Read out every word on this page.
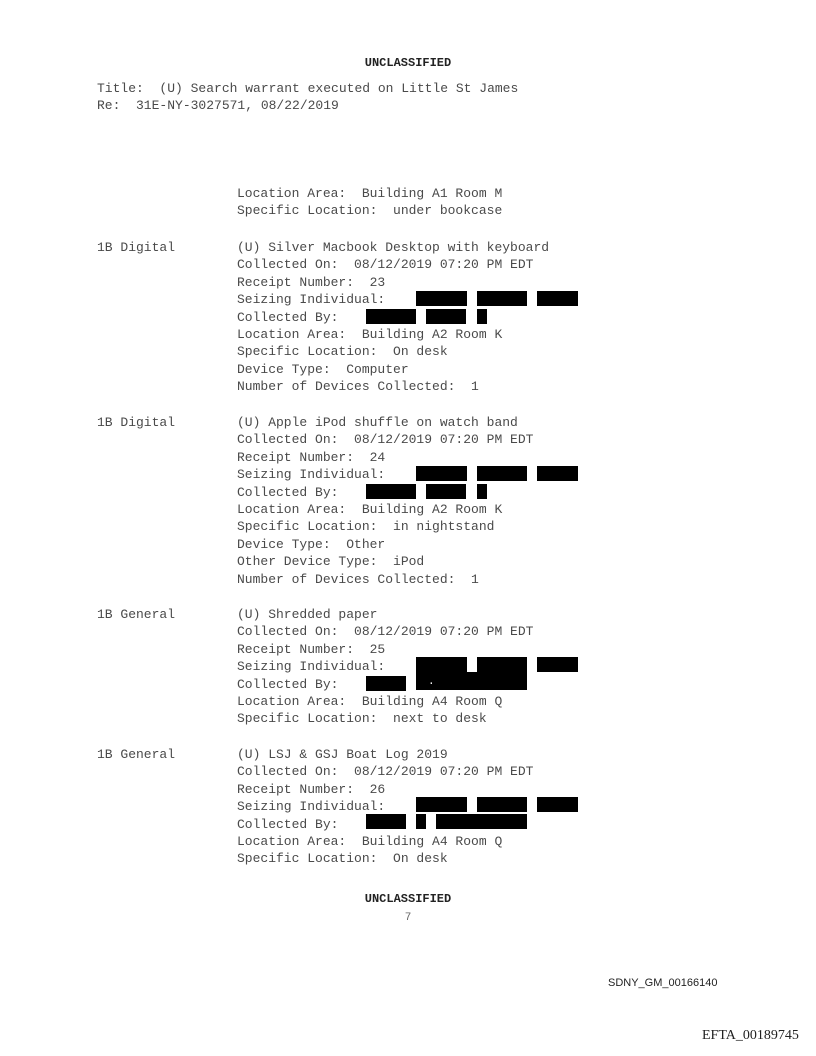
UNCLASSIFIED
Title:  (U) Search warrant executed on Little St James
Re:  31E-NY-3027571, 08/22/2019
Location Area:  Building A1 Room M
Specific Location:  under bookcase
1B Digital	(U) Silver Macbook Desktop with keyboard
Collected On:  08/12/2019 07:20 PM EDT
Receipt Number:  23
Seizing Individual:
Collected By:
Location Area:  Building A2 Room K
Specific Location:  On desk
Device Type:  Computer
Number of Devices Collected:  1
1B Digital	(U) Apple iPod shuffle on watch band
Collected On:  08/12/2019 07:20 PM EDT
Receipt Number:  24
Seizing Individual:
Collected By:
Location Area:  Building A2 Room K
Specific Location:  in nightstand
Device Type:  Other
Other Device Type:  iPod
Number of Devices Collected:  1
1B General	(U) Shredded paper
Collected On:  08/12/2019 07:20 PM EDT
Receipt Number:  25
Seizing Individual:
Collected By:
Location Area:  Building A4 Room Q
Specific Location:  next to desk
.
1B General	(U) LSJ & GSJ Boat Log 2019
Collected On:  08/12/2019 07:20 PM EDT
Receipt Number:  26
Seizing Individual:
Collected By:
Location Area:  Building A4 Room Q
Specific Location:  On desk
UNCLASSIFIED
7
SDNY_GM_00166140
EFTA_00189745
